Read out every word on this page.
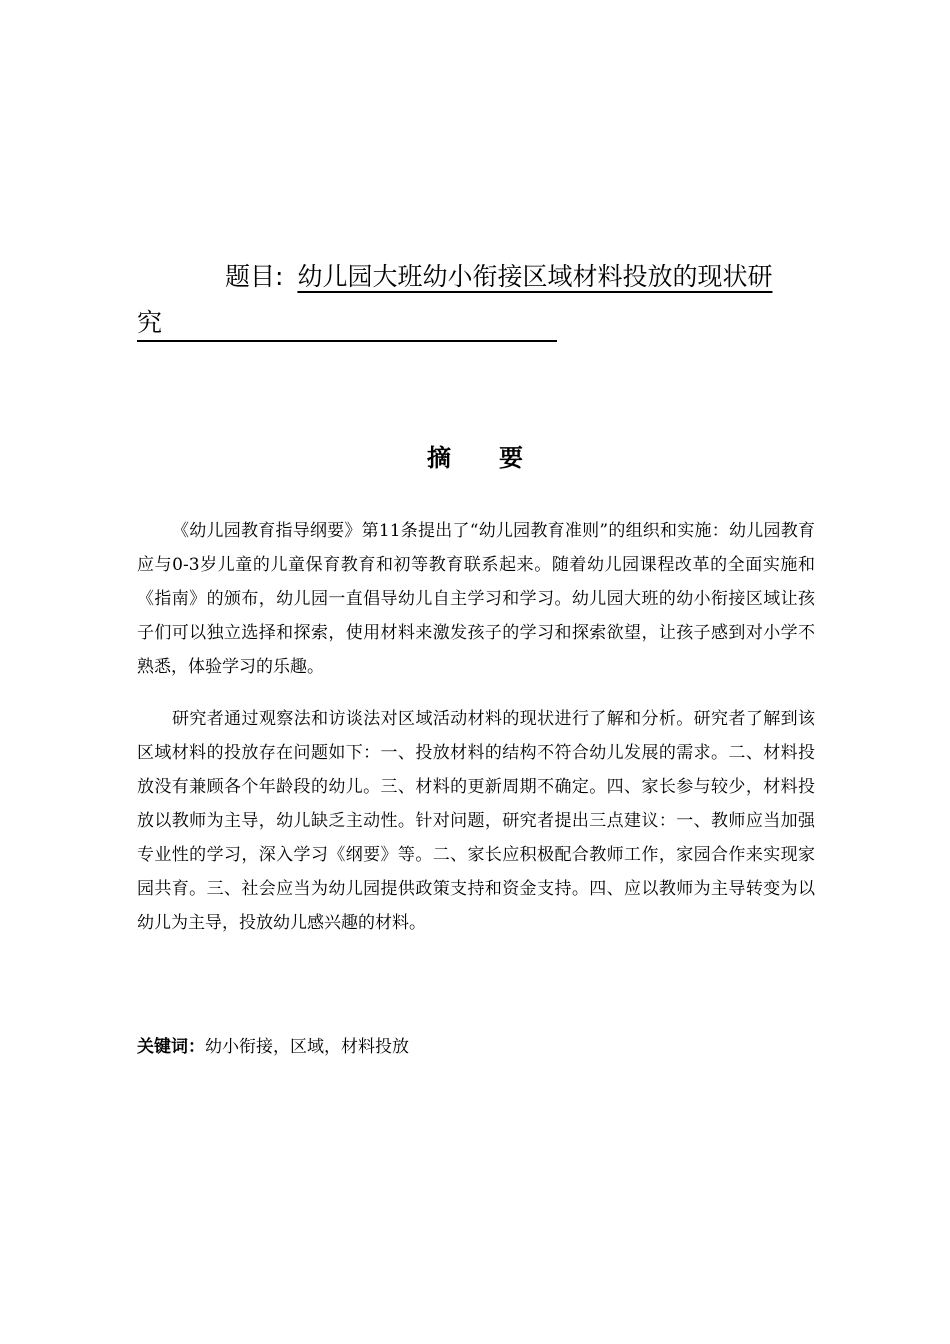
题目: 幼儿园大班幼小衔接区域材料投放的现状研
究
摘 要

《幼儿园教育指导纲要》第11条提出了“幼儿园教育准则”的组织和实施：幼儿园教育应与0-3岁儿童的儿童保育教育和初等教育联系起来。随着幼儿园课程改革的全面实施和《指南》的颁布，幼儿园一直倡导幼儿自主学习和学习。幼儿园大班的幼小衔接区域让孩子们可以独立选择和探索，使用材料来激发孩子的学习和探索欲望，让孩子感到对小学不熟悉，体验学习的乐趣。

研究者通过观察法和访谈法对区域活动材料的现状进行了解和分析。研究者了解到该区域材料的投放存在问题如下：一、投放材料的结构不符合幼儿发展的需求。二、材料投放没有兼顾各个年龄段的幼儿。三、材料的更新周期不确定。四、家长参与较少，材料投放以教师为主导，幼儿缺乏主动性。针对问题，研究者提出三点建议：一、教师应当加强专业性的学习，深入学习《纲要》等。二、家长应积极配合教师工作，家园合作来实现家园共育。三、社会应当为幼儿园提供政策支持和资金支持。四、应以教师为主导转变为以幼儿为主导，投放幼儿感兴趣的材料。

关键词：幼小衔接，区域，材料投放
